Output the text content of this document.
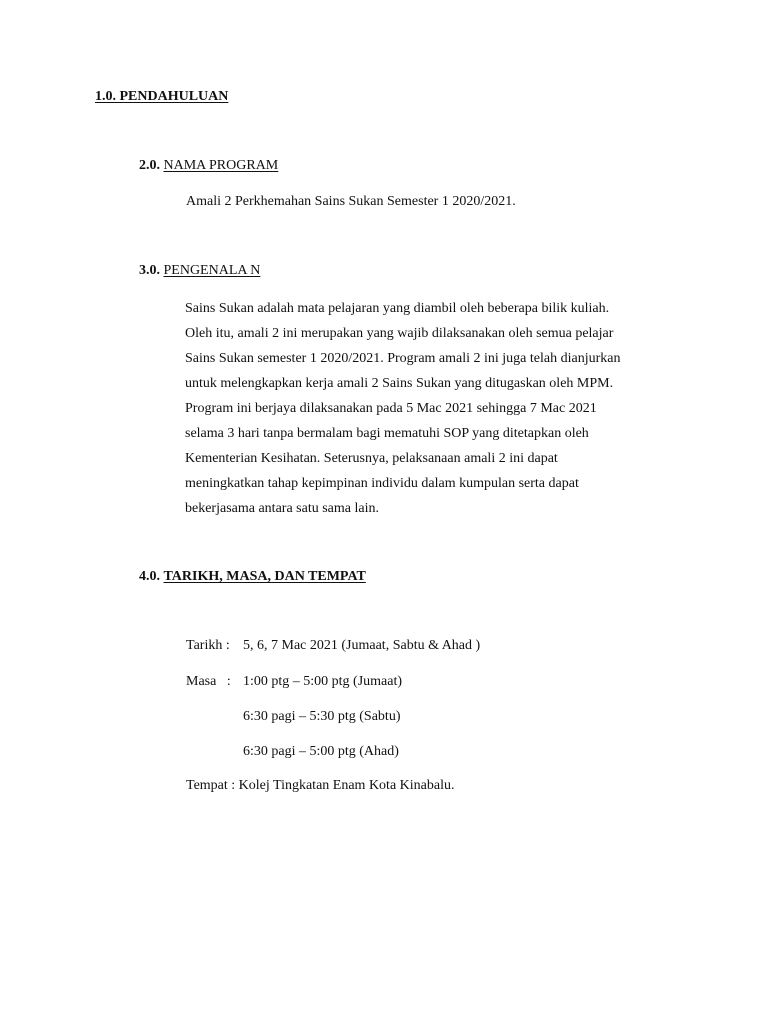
1.0. PENDAHULUAN
2.0. NAMA PROGRAM
Amali 2 Perkhemahan Sains Sukan Semester 1 2020/2021.
3.0. PENGENALA N
Sains Sukan adalah mata pelajaran yang diambil oleh beberapa bilik kuliah.
Oleh itu, amali 2 ini merupakan yang wajib dilaksanakan oleh semua pelajar
Sains Sukan semester 1 2020/2021. Program amali 2 ini juga telah dianjurkan
untuk melengkapkan kerja amali 2 Sains Sukan yang ditugaskan oleh MPM.
Program ini berjaya dilaksanakan pada 5 Mac 2021 sehingga 7 Mac 2021
selama 3 hari tanpa bermalam bagi mematuhi SOP yang ditetapkan oleh
Kementerian Kesihatan. Seterusnya, pelaksanaan amali 2 ini dapat
meningkatkan tahap kepimpinan individu dalam kumpulan serta dapat
bekerjasama antara satu sama lain.
4.0. TARIKH, MASA, DAN TEMPAT
Tarikh : 5, 6, 7 Mac 2021 (Jumaat, Sabtu & Ahad )
Masa   : 1:00 ptg – 5:00 ptg (Jumaat)
6:30 pagi – 5:30 ptg (Sabtu)
6:30 pagi – 5:00 ptg (Ahad)
Tempat : Kolej Tingkatan Enam Kota Kinabalu.
